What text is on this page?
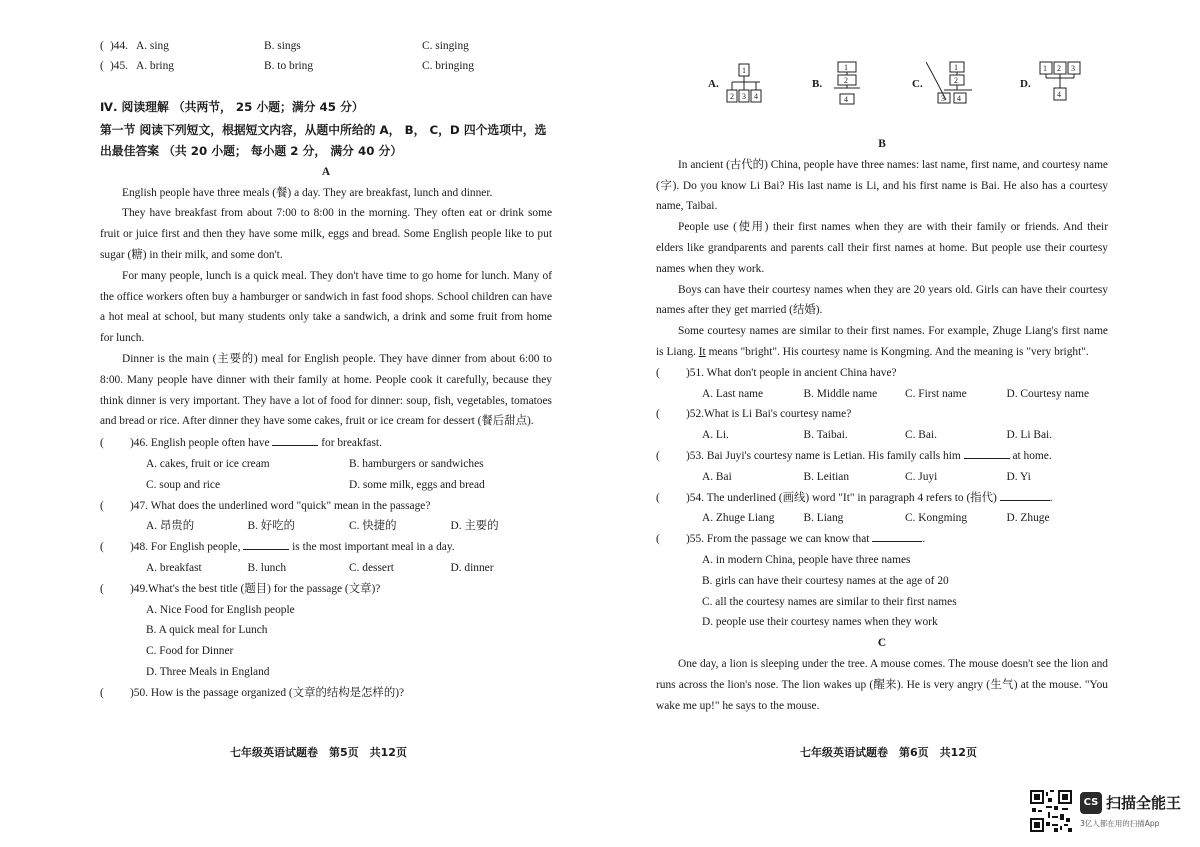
( )44. A. sing	B. sings	C. singing
( )45. A. bring	B. to bring	C. bringing
Ⅳ. 阅读理解 （共两节， 25 小题；满分 45 分）
第一节 阅读下列短文，根据短文内容，从题中所给的 A， B， C，D 四个选项中，选出最佳答案 （共 20 小题； 每小题 2 分， 满分 40 分）
A
English people have three meals (餐) a day. They are breakfast, lunch and dinner.
They have breakfast from about 7:00 to 8:00 in the morning. They often eat or drink some fruit or juice first and then they have some milk, eggs and bread. Some English people like to put sugar (糖) in their milk, and some don't.
For many people, lunch is a quick meal. They don't have time to go home for lunch. Many of the office workers often buy a hamburger or sandwich in fast food shops. School children can have a hot meal at school, but many students only take a sandwich, a drink and some fruit from home for lunch.
Dinner is the main (主要的) meal for English people. They have dinner from about 6:00 to 8:00. Many people have dinner with their family at home. People cook it carefully, because they think dinner is very important. They have a lot of food for dinner: soup, fish, vegetables, tomatoes and bread or rice. After dinner they have some cakes, fruit or ice cream for dessert (餐后甜点).
(	)46. English people often have	for breakfast.
A. cakes, fruit or ice cream	B. hamburgers or sandwiches
C. soup and rice	D. some milk, eggs and bread
(	)47. What does the underlined word "quick" mean in the passage?
A. 昂贵的	B. 好吃的	C. 快捷的	D. 主要的
(	)48. For English people,	is the most important meal in a day.
A. breakfast	B. lunch	C. dessert	D. dinner
(	)49.What's the best title (题目) for the passage (文章)?
A. Nice Food for English people
B. A quick meal for Lunch
C. Food for Dinner
D. Three Meals in England
(	)50. How is the passage organized (文章的结构是怎样的)?
七年级英语试题卷　第5页　共12页
A.
1
2 3 4
B.
1
2
4
C.
1
2
3 4
D.
1 2 3
4
B
In ancient (古代的) China, people have three names: last name, first name, and courtesy name (字). Do you know Li Bai? His last name is Li, and his first name is Bai. He also has a courtesy name, Taibai.
People use (使用) their first names when they are with their family or friends. And their elders like grandparents and parents call their first names at home. But people use their courtesy names when they work.
Boys can have their courtesy names when they are 20 years old. Girls can have their courtesy names after they get married (结婚).
Some courtesy names are similar to their first names. For example, Zhuge Liang's first name is Liang. It means "bright". His courtesy name is Kongming. And the meaning is "very bright".
(	)51. What don't people in ancient China have?
A. Last name	B. Middle name	C. First name	D. Courtesy name
(	)52.What is Li Bai's courtesy name?
A. Li.	B. Taibai.	C. Bai.	D. Li Bai.
(	)53. Bai Juyi's courtesy name is Letian. His family calls him	at home.
A. Bai	B. Leitian	C. Juyi	D. Yi
(	)54. The underlined (画线) word "It" in paragraph 4 refers to (指代)	.
A. Zhuge Liang	B. Liang	C. Kongming	D. Zhuge
(	)55. From the passage we can know that	.
A. in modern China, people have three names
B. girls can have their courtesy names at the age of 20
C. all the courtesy names are similar to their first names
D. people use their courtesy names when they work
C
One day, a lion is sleeping under the tree. A mouse comes. The mouse doesn't see the lion and runs across the lion's nose. The lion wakes up (醒来). He is very angry (生气) at the mouse. "You wake me up!" he says to the mouse.
七年级英语试题卷　第6页　共12页
CS 扫描全能王
3亿人都在用的扫描App
